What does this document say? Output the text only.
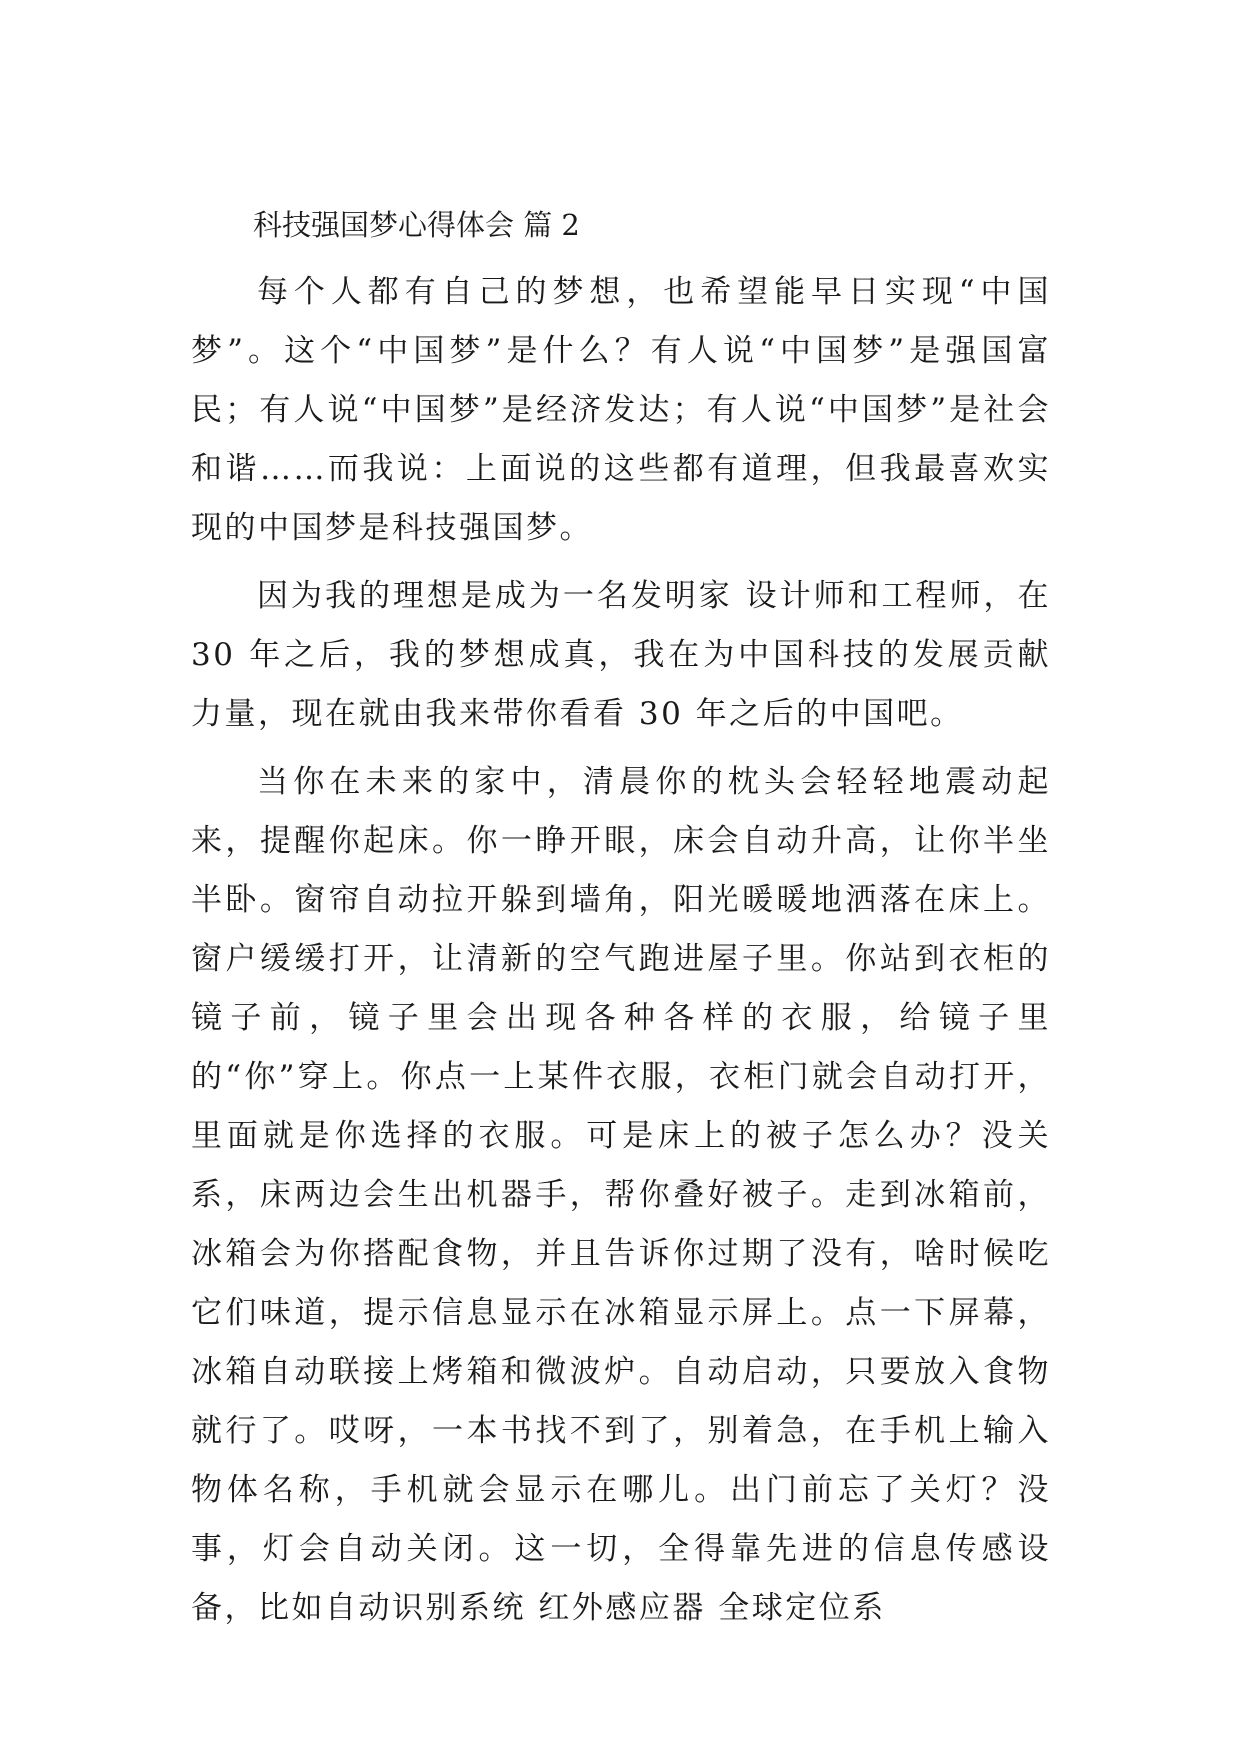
科技强国梦心得体会 篇 2

每个人都有自己的梦想，也希望能早日实现“中国梦”。这个“中国梦”是什么？有人说“中国梦”是强国富民；有人说“中国梦”是经济发达；有人说“中国梦”是社会和谐……而我说：上面说的这些都有道理，但我最喜欢实现的中国梦是科技强国梦。

因为我的理想是成为一名发明家 设计师和工程师，在30 年之后，我的梦想成真，我在为中国科技的发展贡献力量，现在就由我来带你看看 30 年之后的中国吧。

当你在未来的家中，清晨你的枕头会轻轻地震动起来，提醒你起床。你一睁开眼，床会自动升高，让你半坐半卧。窗帘自动拉开躲到墙角，阳光暖暖地洒落在床上。窗户缓缓打开，让清新的空气跑进屋子里。你站到衣柜的镜子前，镜子里会出现各种各样的衣服，给镜子里的“你”穿上。你点一上某件衣服，衣柜门就会自动打开，里面就是你选择的衣服。可是床上的被子怎么办？没关系，床两边会生出机器手，帮你叠好被子。走到冰箱前，冰箱会为你搭配食物，并且告诉你过期了没有，啥时候吃它们味道，提示信息显示在冰箱显示屏上。点一下屏幕，冰箱自动联接上烤箱和微波炉。自动启动，只要放入食物就行了。哎呀，一本书找不到了，别着急，在手机上输入物体名称，手机就会显示在哪儿。出门前忘了关灯？没事，灯会自动关闭。这一切，全得靠先进的信息传感设备，比如自动识别系统 红外感应器 全球定位系
